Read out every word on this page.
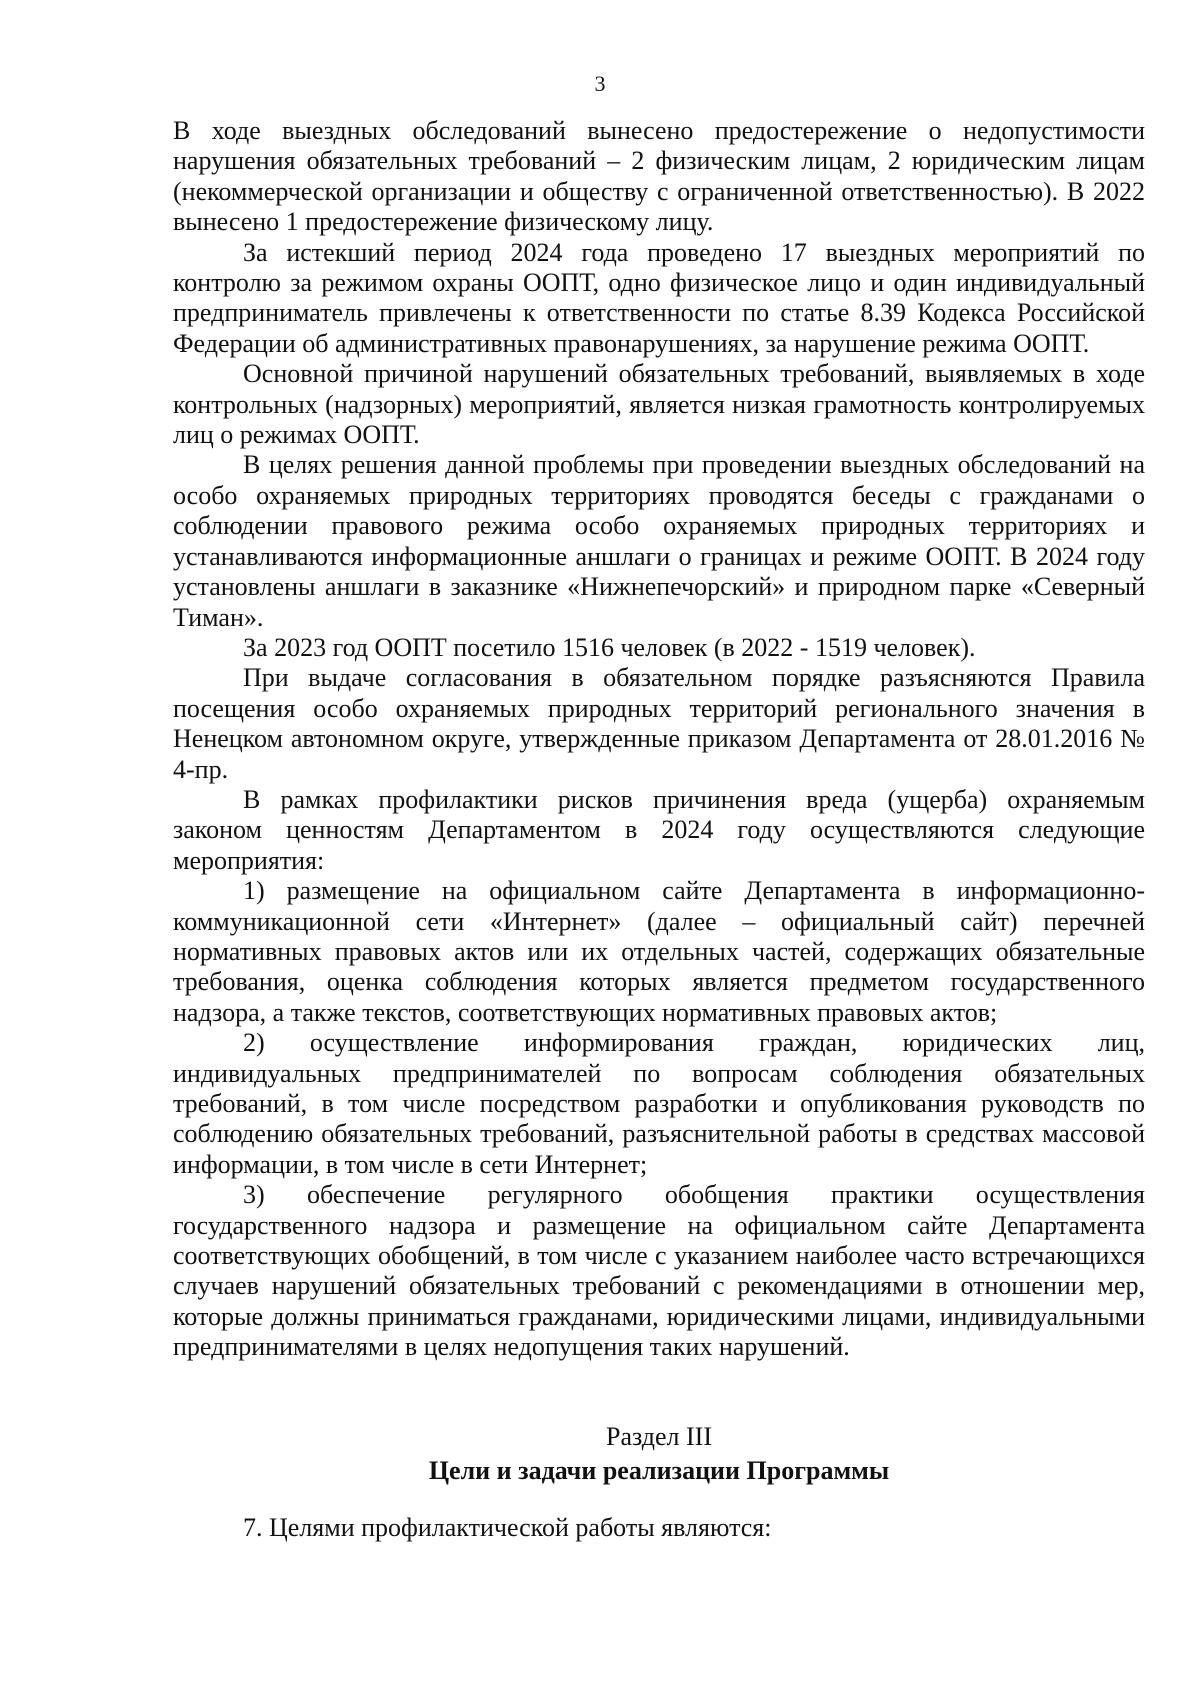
3

В ходе выездных обследований вынесено предостережение о недопустимости нарушения обязательных требований – 2 физическим лицам, 2 юридическим лицам (некоммерческой организации и обществу с ограниченной ответственностью). В 2022 вынесено 1 предостережение физическому лицу.

За истекший период 2024 года проведено 17 выездных мероприятий по контролю за режимом охраны ООПТ, одно физическое лицо и один индивидуальный предприниматель привлечены к ответственности по статье 8.39 Кодекса Российской Федерации об административных правонарушениях, за нарушение режима ООПТ.

Основной причиной нарушений обязательных требований, выявляемых в ходе контрольных (надзорных) мероприятий, является низкая грамотность контролируемых лиц о режимах ООПТ.

В целях решения данной проблемы при проведении выездных обследований на особо охраняемых природных территориях проводятся беседы с гражданами о соблюдении правового режима особо охраняемых природных территориях и устанавливаются информационные аншлаги о границах и режиме ООПТ. В 2024 году установлены аншлаги в заказнике «Нижнепечорский» и природном парке «Северный Тиман».

За 2023 год ООПТ посетило 1516 человек (в 2022 - 1519 человек).

При выдаче согласования в обязательном порядке разъясняются Правила посещения особо охраняемых природных территорий регионального значения в Ненецком автономном округе, утвержденные приказом Департамента от 28.01.2016 № 4-пр.

В рамках профилактики рисков причинения вреда (ущерба) охраняемым законом ценностям Департаментом в 2024 году осуществляются следующие мероприятия:

1) размещение на официальном сайте Департамента в информационно-коммуникационной сети «Интернет» (далее – официальный сайт) перечней нормативных правовых актов или их отдельных частей, содержащих обязательные требования, оценка соблюдения которых является предметом государственного надзора, а также текстов, соответствующих нормативных правовых актов;

2) осуществление информирования граждан, юридических лиц, индивидуальных предпринимателей по вопросам соблюдения обязательных требований, в том числе посредством разработки и опубликования руководств по соблюдению обязательных требований, разъяснительной работы в средствах массовой информации, в том числе в сети Интернет;

3) обеспечение регулярного обобщения практики осуществления государственного надзора и размещение на официальном сайте Департамента соответствующих обобщений, в том числе с указанием наиболее часто встречающихся случаев нарушений обязательных требований с рекомендациями в отношении мер, которые должны приниматься гражданами, юридическими лицами, индивидуальными предпринимателями в целях недопущения таких нарушений.

Раздел III
Цели и задачи реализации Программы
7. Целями профилактической работы являются:
